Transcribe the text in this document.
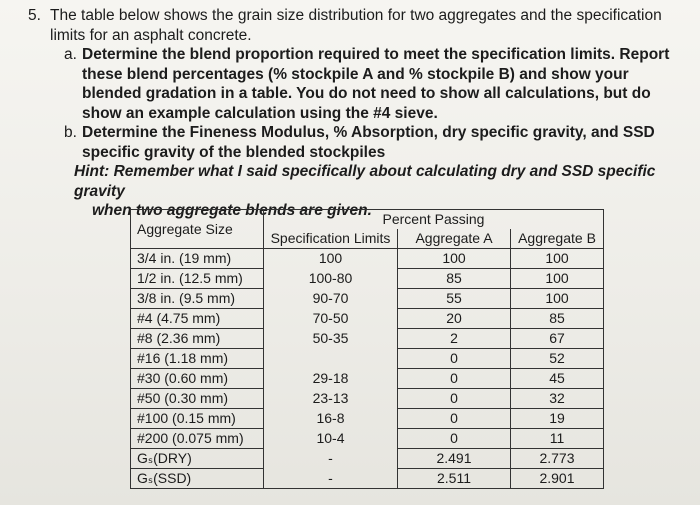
5. The table below shows the grain size distribution for two aggregates and the specification
limits for an asphalt concrete.
a. Determine the blend proportion required to meet the specification limits. Report these blend percentages (% stockpile A and % stockpile B) and show your blended gradation in a table. You do not need to show all calculations, but do show an example calculation using the #4 sieve.
b. Determine the Fineness Modulus, % Absorption, dry specific gravity, and SSD specific gravity of the blended stockpiles
Hint: Remember what I said specifically about calculating dry and SSD specific gravity
when two aggregate blends are given.
Aggregate Size	Percent Passing		
	Specification Limits	Aggregate A	Aggregate B
3/4 in. (19 mm)	100	100	100
1/2 in. (12.5 mm)	100-80	85	100
3/8 in. (9.5 mm)	90-70	55	100
#4 (4.75 mm)	70-50	20	85
#8 (2.36 mm)	50-35	2	67
#16 (1.18 mm)		0	52
#30 (0.60 mm)	29-18	0	45
#50 (0.30 mm)	23-13	0	32
#100 (0.15 mm)	16-8	0	19
#200 (0.075 mm)	10-4	0	11
Gₛ(DRY)	-	2.491	2.773
Gₛ(SSD)	-	2.511	2.901
